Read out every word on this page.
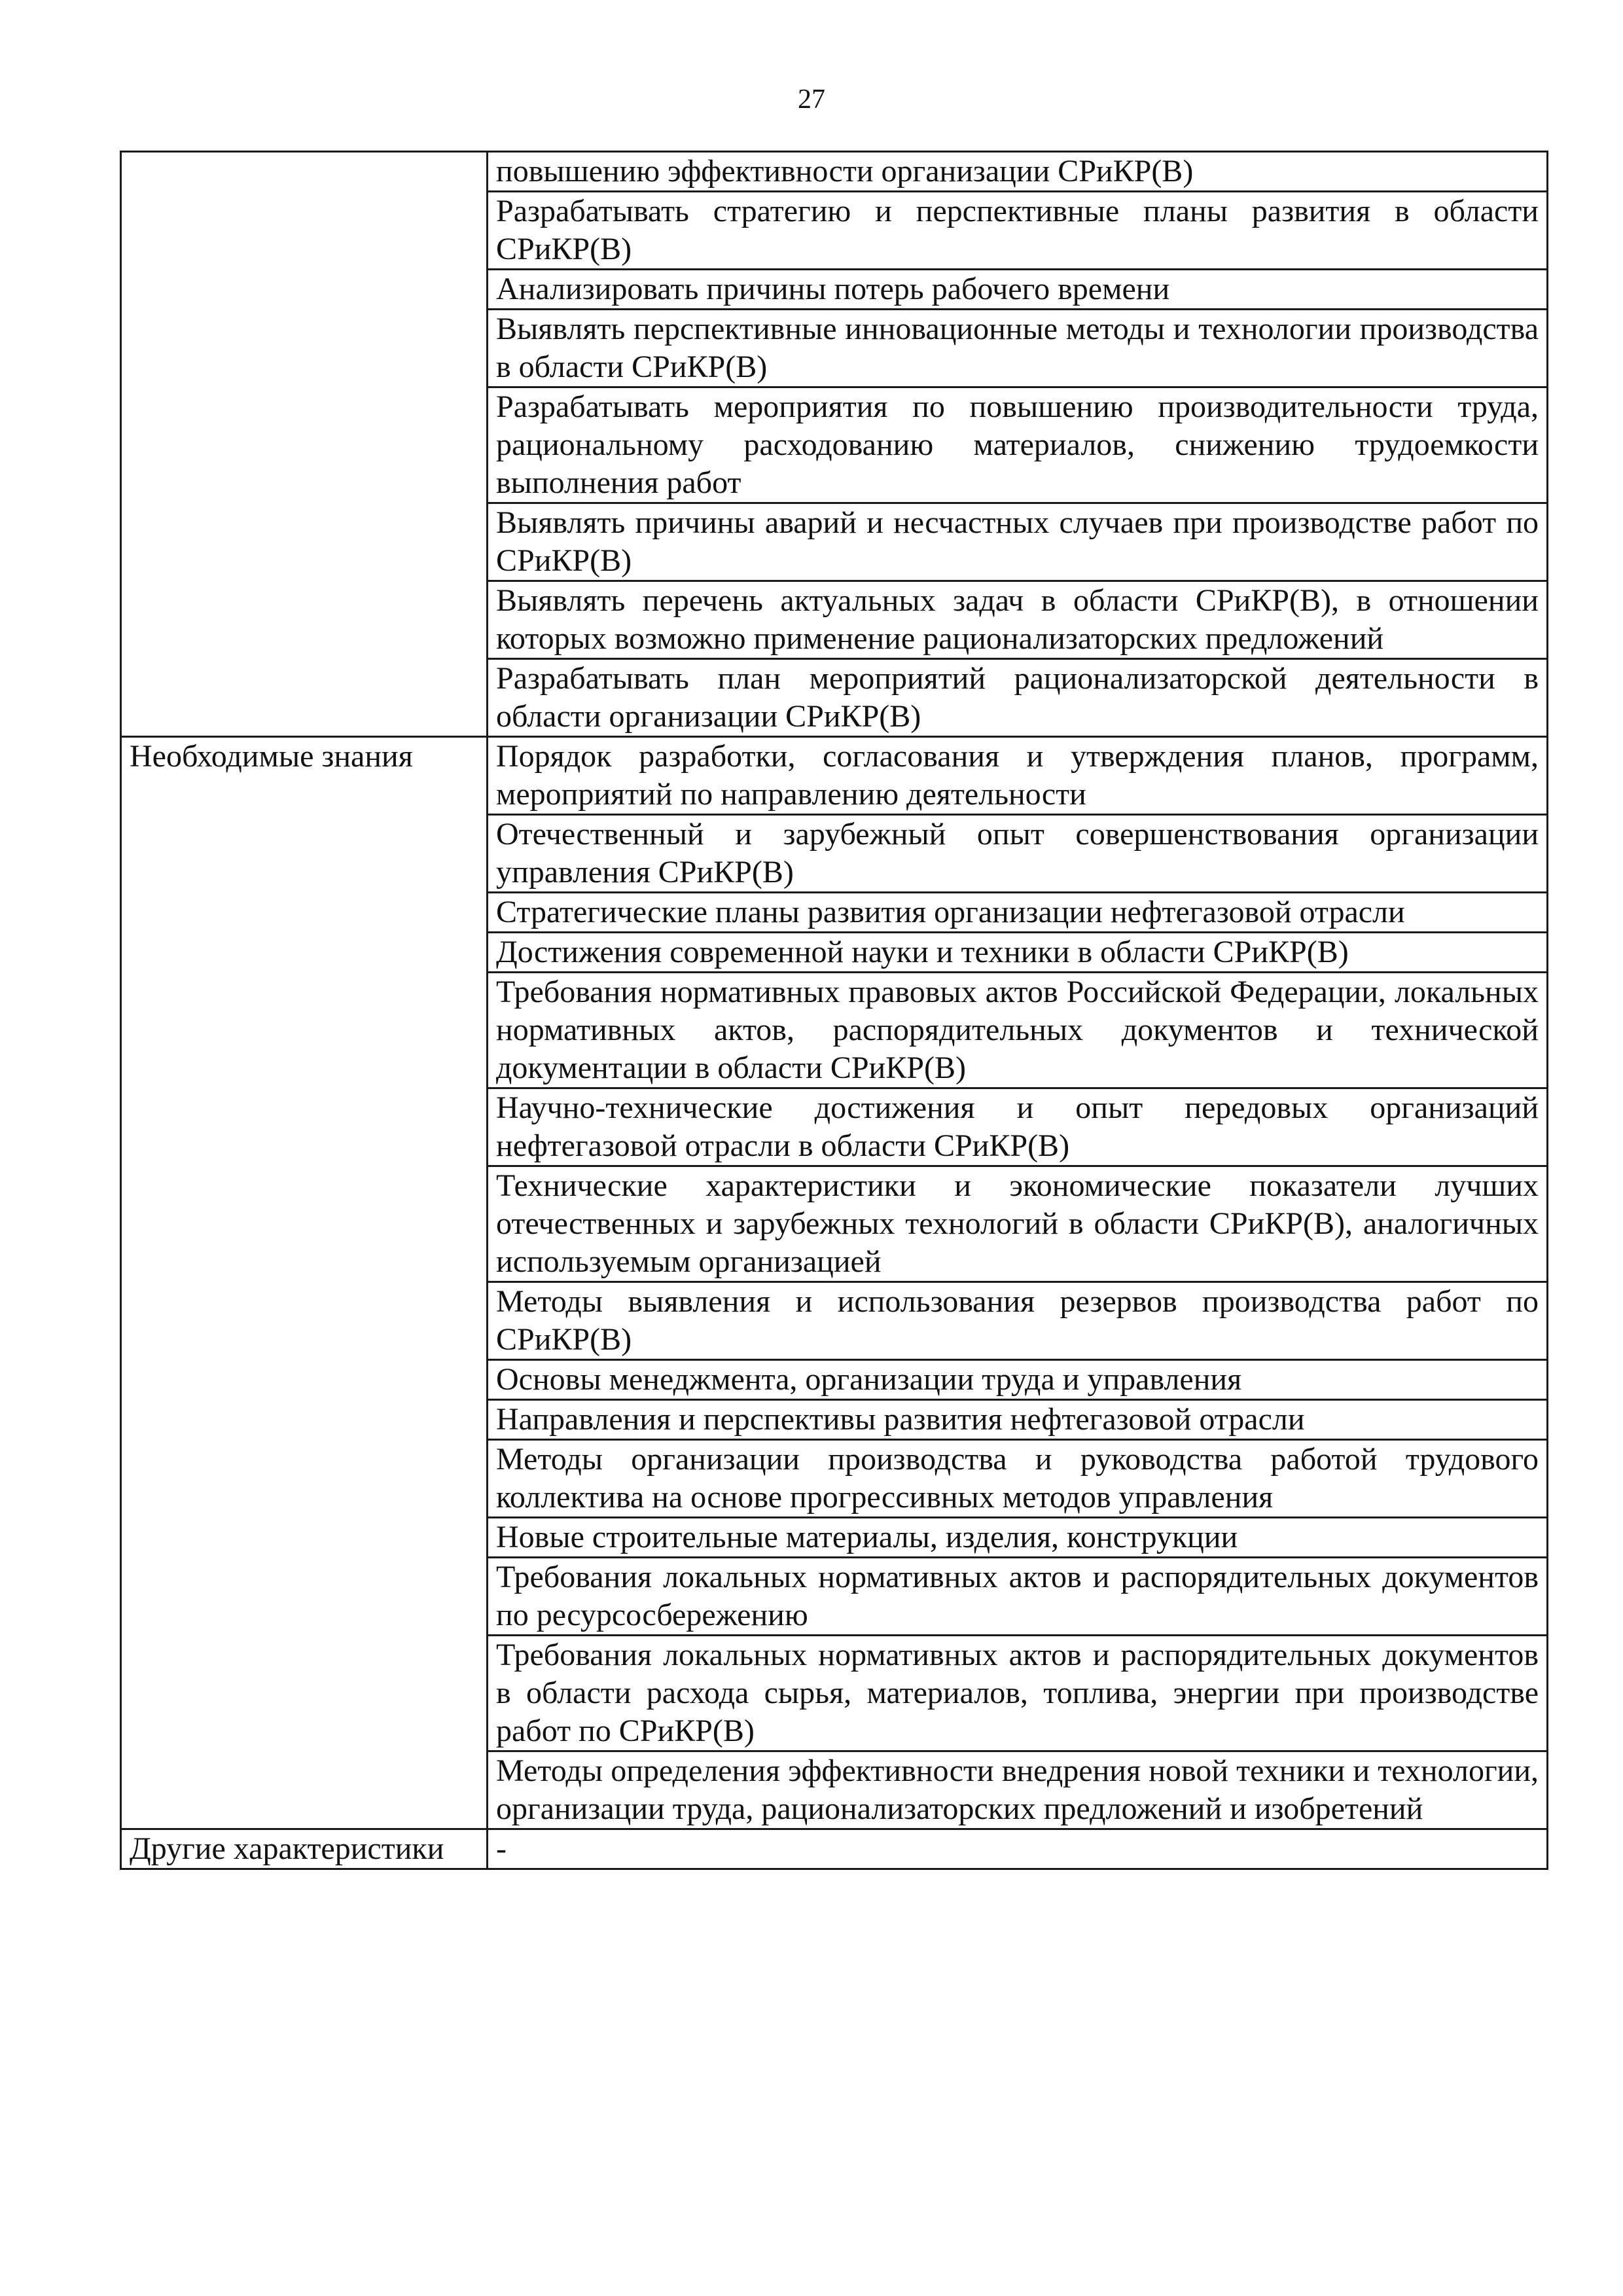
27
	повышению эффективности организации СРиКР(В)
	Разрабатывать стратегию и перспективные планы развития в области СРиКР(В)
	Анализировать причины потерь рабочего времени
	Выявлять перспективные инновационные методы и технологии производства в области СРиКР(В)
	Разрабатывать мероприятия по повышению производительности труда, рациональному расходованию материалов, снижению трудоемкости выполнения работ
	Выявлять причины аварий и несчастных случаев при производстве работ по СРиКР(В)
	Выявлять перечень актуальных задач в области СРиКР(В), в отношении которых возможно применение рационализаторских предложений
	Разрабатывать план мероприятий рационализаторской деятельности в области организации СРиКР(В)
Необходимые знания	Порядок разработки, согласования и утверждения планов, программ, мероприятий по направлению деятельности
	Отечественный и зарубежный опыт совершенствования организации управления СРиКР(В)
	Стратегические планы развития организации нефтегазовой отрасли
	Достижения современной науки и техники в области СРиКР(В)
	Требования нормативных правовых актов Российской Федерации, локальных нормативных актов, распорядительных документов и технической документации в области СРиКР(В)
	Научно-технические достижения и опыт передовых организаций нефтегазовой отрасли в области СРиКР(В)
	Технические характеристики и экономические показатели лучших отечественных и зарубежных технологий в области СРиКР(В), аналогичных используемым организацией
	Методы выявления и использования резервов производства работ по СРиКР(В)
	Основы менеджмента, организации труда и управления
	Направления и перспективы развития нефтегазовой отрасли
	Методы организации производства и руководства работой трудового коллектива на основе прогрессивных методов управления
	Новые строительные материалы, изделия, конструкции
	Требования локальных нормативных актов и распорядительных документов по ресурсосбережению
	Требования локальных нормативных актов и распорядительных документов в области расхода сырья, материалов, топлива, энергии при производстве работ по СРиКР(В)
	Методы определения эффективности внедрения новой техники и технологии, организации труда, рационализаторских предложений и изобретений
Другие характеристики	-
